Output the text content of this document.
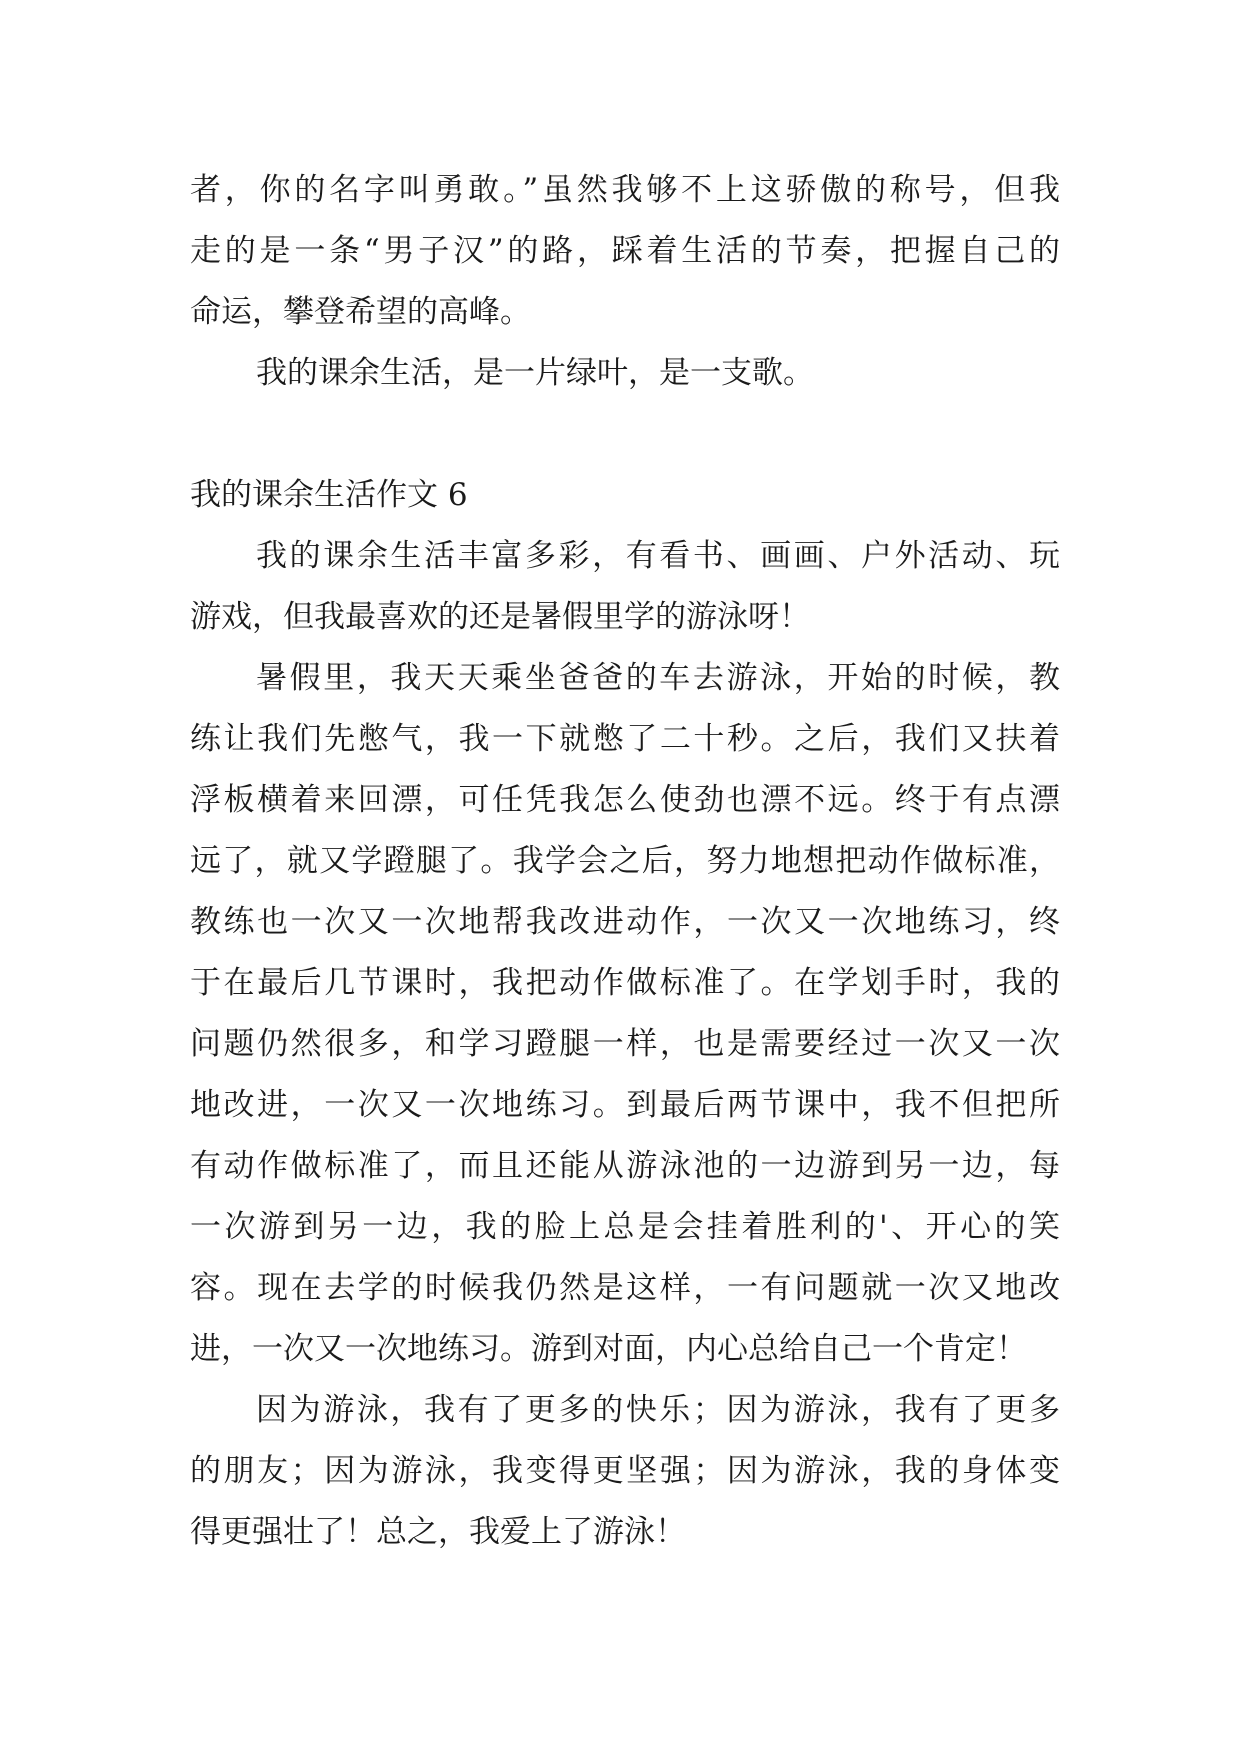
者，你的名字叫勇敢。”虽然我够不上这骄傲的称号，但我
走的是一条“男子汉”的路，踩着生活的节奏，把握自己的
命运，攀登希望的高峰。
我的课余生活，是一片绿叶，是一支歌。
我的课余生活作文 6
我的课余生活丰富多彩，有看书、画画、户外活动、玩
游戏，但我最喜欢的还是暑假里学的游泳呀！
暑假里，我天天乘坐爸爸的车去游泳，开始的时候，教
练让我们先憋气，我一下就憋了二十秒。之后，我们又扶着
浮板横着来回漂，可任凭我怎么使劲也漂不远。终于有点漂
远了，就又学蹬腿了。我学会之后，努力地想把动作做标准，
教练也一次又一次地帮我改进动作，一次又一次地练习，终
于在最后几节课时，我把动作做标准了。在学划手时，我的
问题仍然很多，和学习蹬腿一样，也是需要经过一次又一次
地改进，一次又一次地练习。到最后两节课中，我不但把所
有动作做标准了，而且还能从游泳池的一边游到另一边，每
一次游到另一边，我的脸上总是会挂着胜利的'、开心的笑
容。现在去学的时候我仍然是这样，一有问题就一次又地改
进，一次又一次地练习。游到对面，内心总给自己一个肯定！
因为游泳，我有了更多的快乐；因为游泳，我有了更多
的朋友；因为游泳，我变得更坚强；因为游泳，我的身体变
得更强壮了！总之，我爱上了游泳！
